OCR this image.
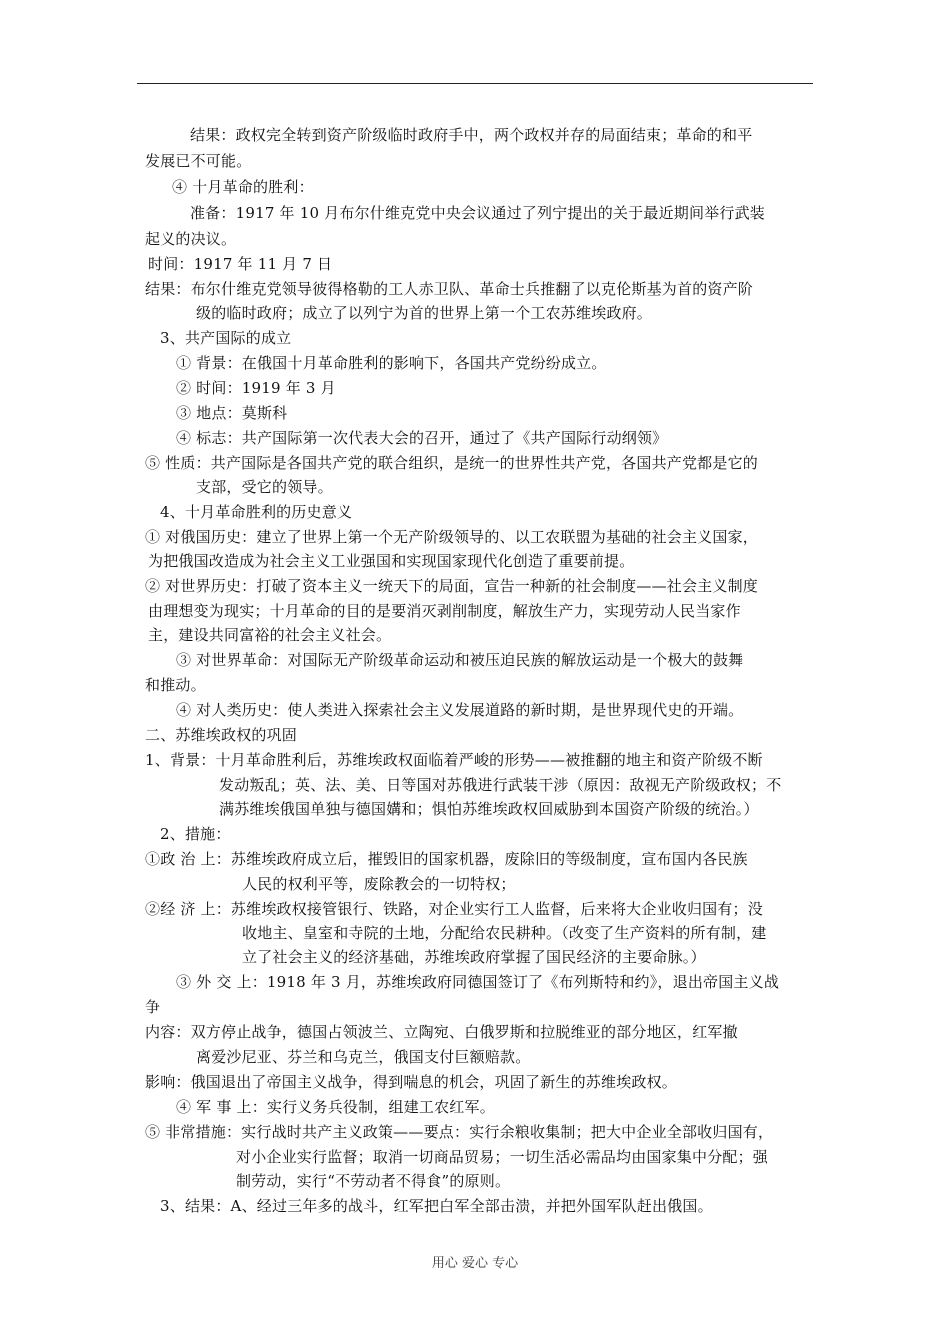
结果：政权完全转到资产阶级临时政府手中，两个政权并存的局面结束；革命的和平
发展已不可能。
④ 十月革命的胜利：
准备：1917 年 10 月布尔什维克党中央会议通过了列宁提出的关于最近期间举行武装
起义的决议。
时间：1917 年 11 月 7 日
结果：布尔什维克党领导彼得格勒的工人赤卫队、革命士兵推翻了以克伦斯基为首的资产阶
级的临时政府；成立了以列宁为首的世界上第一个工农苏维埃政府。
3、共产国际的成立
① 背景：在俄国十月革命胜利的影响下，各国共产党纷纷成立。
② 时间：1919 年 3 月
③ 地点：莫斯科
④ 标志：共产国际第一次代表大会的召开，通过了《共产国际行动纲领》
⑤ 性质：共产国际是各国共产党的联合组织，是统一的世界性共产党，各国共产党都是它的
支部，受它的领导。
4、十月革命胜利的历史意义
① 对俄国历史：建立了世界上第一个无产阶级领导的、以工农联盟为基础的社会主义国家，
为把俄国改造成为社会主义工业强国和实现国家现代化创造了重要前提。
② 对世界历史：打破了资本主义一统天下的局面，宣告一种新的社会制度——社会主义制度
由理想变为现实；十月革命的目的是要消灭剥削制度，解放生产力，实现劳动人民当家作
主，建设共同富裕的社会主义社会。
③ 对世界革命：对国际无产阶级革命运动和被压迫民族的解放运动是一个极大的鼓舞
和推动。
④ 对人类历史：使人类进入探索社会主义发展道路的新时期，是世界现代史的开端。
二、苏维埃政权的巩固
1、背景：十月革命胜利后，苏维埃政权面临着严峻的形势——被推翻的地主和资产阶级不断
发动叛乱；英、法、美、日等国对苏俄进行武装干涉（原因：敌视无产阶级政权；不
满苏维埃俄国单独与德国媾和；惧怕苏维埃政权回威胁到本国资产阶级的统治。）
2、措施：
①政 治 上：苏维埃政府成立后，摧毁旧的国家机器，废除旧的等级制度，宣布国内各民族
人民的权利平等，废除教会的一切特权；
②经 济 上：苏维埃政权接管银行、铁路，对企业实行工人监督，后来将大企业收归国有；没
收地主、皇室和寺院的土地，分配给农民耕种。（改变了生产资料的所有制，建
立了社会主义的经济基础，苏维埃政府掌握了国民经济的主要命脉。）
③ 外 交 上：1918 年 3 月，苏维埃政府同德国签订了《布列斯特和约》，退出帝国主义战
争
内容：双方停止战争，德国占领波兰、立陶宛、白俄罗斯和拉脱维亚的部分地区，红军撤
离爱沙尼亚、芬兰和乌克兰，俄国支付巨额赔款。
影响：俄国退出了帝国主义战争，得到喘息的机会，巩固了新生的苏维埃政权。
④ 军 事 上：实行义务兵役制，组建工农红军。
⑤ 非常措施：实行战时共产主义政策——要点：实行余粮收集制；把大中企业全部收归国有，
对小企业实行监督；取消一切商品贸易；一切生活必需品均由国家集中分配；强
制劳动，实行“不劳动者不得食”的原则。
3、结果：A、经过三年多的战斗，红军把白军全部击溃，并把外国军队赶出俄国。
用心 爱心 专心
